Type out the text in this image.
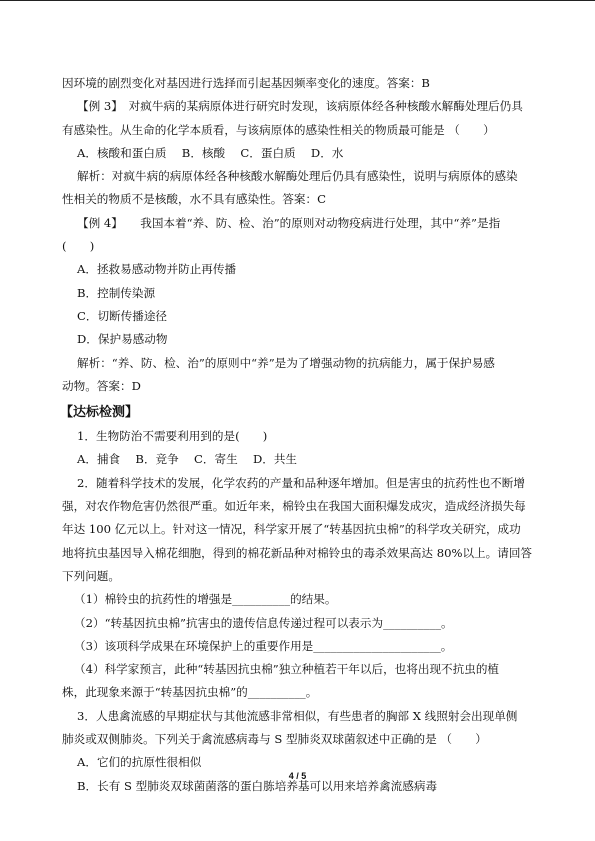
因环境的剧烈变化对基因进行选择而引起基因频率变化的速度。答案：B
【例 3】　对疯牛病的某病原体进行研究时发现，该病原体经各种核酸水解酶处理后仍具
有感染性。从生命的化学本质看，与该病原体的感染性相关的物质最可能是 （　　）
A．核酸和蛋白质　 B．核酸　 C．蛋白质　 D．水
解析：对疯牛病的病原体经各种核酸水解酶处理后仍具有感染性，说明与病原体的感染
性相关的物质不是核酸，水不具有感染性。答案：C
【例 4】　　我国本着“养、防、检、治”的原则对动物疫病进行处理，其中“养”是指
(　　)
A．拯救易感动物并防止再传播
B．控制传染源
C．切断传播途径
D．保护易感动物
解析：“养、防、检、治”的原则中“养”是为了增强动物的抗病能力，属于保护易感
动物。答案：D
【达标检测】
1．生物防治不需要利用到的是(　　)
A．捕食　 B．竞争　 C．寄生　 D．共生
2．随着科学技术的发展，化学农药的产量和品种逐年增加。但是害虫的抗药性也不断增
强，对农作物危害仍然很严重。如近年来，棉铃虫在我国大面积爆发成灾，造成经济损失每
年达 100 亿元以上。针对这一情况，科学家开展了“转基因抗虫棉”的科学攻关研究，成功
地将抗虫基因导入棉花细胞，得到的棉花新品种对棉铃虫的毒杀效果高达 80%以上。请回答
下列问题。
（1）棉铃虫的抗药性的增强是__________的结果。
（2）“转基因抗虫棉”抗害虫的遗传信息传递过程可以表示为__________。
（3）该项科学成果在环境保护上的重要作用是______________________。
（4）科学家预言，此种“转基因抗虫棉”独立种植若干年以后，也将出现不抗虫的植
株，此现象来源于“转基因抗虫棉”的__________。
3．人患禽流感的早期症状与其他流感非常相似，有些患者的胸部 X 线照射会出现单侧
肺炎或双侧肺炎。下列关于禽流感病毒与 S 型肺炎双球菌叙述中正确的是 （　　）
A．它们的抗原性很相似
B．长有 S 型肺炎双球菌菌落的蛋白胨培养基可以用来培养禽流感病毒
4 / 5
